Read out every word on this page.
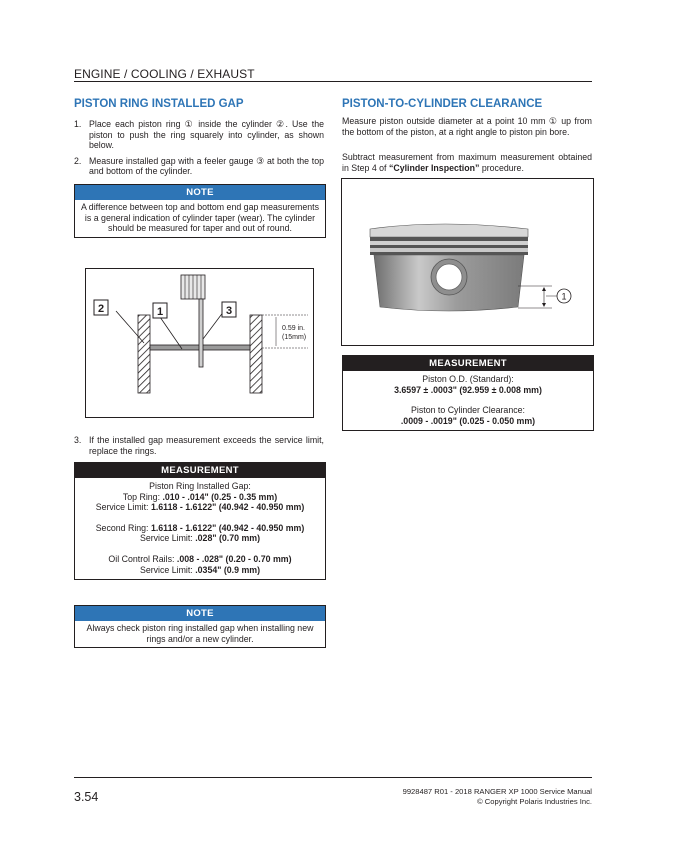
ENGINE / COOLING / EXHAUST
PISTON RING INSTALLED GAP
1. Place each piston ring ① inside the cylinder ②. Use the piston to push the ring squarely into cylinder, as shown below.
2. Measure installed gap with a feeler gauge ③ at both the top and bottom of the cylinder.
NOTE
A difference between top and bottom end gap measurements is a general indication of cylinder taper (wear). The cylinder should be measured for taper and out of round.
2	1	3
0.59 in.
(15mm)
3. If the installed gap measurement exceeds the service limit, replace the rings.
MEASUREMENT
Piston Ring Installed Gap:
Top Ring: .010 - .014" (0.25 - 0.35 mm)
Service Limit: 1.6118 - 1.6122" (40.942 - 40.950 mm)
Second Ring: 1.6118 - 1.6122" (40.942 - 40.950 mm)
Service Limit: .028" (0.70 mm)
Oil Control Rails: .008 - .028" (0.20 - 0.70 mm)
Service Limit: .0354" (0.9 mm)
NOTE
Always check piston ring installed gap when installing new rings and/or a new cylinder.
PISTON-TO-CYLINDER CLEARANCE
Measure piston outside diameter at a point 10 mm ① up from the bottom of the piston, at a right angle to piston pin bore.
Subtract measurement from maximum measurement obtained in Step 4 of “Cylinder Inspection” procedure.
1
MEASUREMENT
Piston O.D. (Standard):
3.6597 ± .0003" (92.959 ± 0.008 mm)
Piston to Cylinder Clearance:
.0009 - .0019" (0.025 - 0.050 mm)
3.54	9928487 R01 - 2018 RANGER XP 1000 Service Manual
© Copyright Polaris Industries Inc.
